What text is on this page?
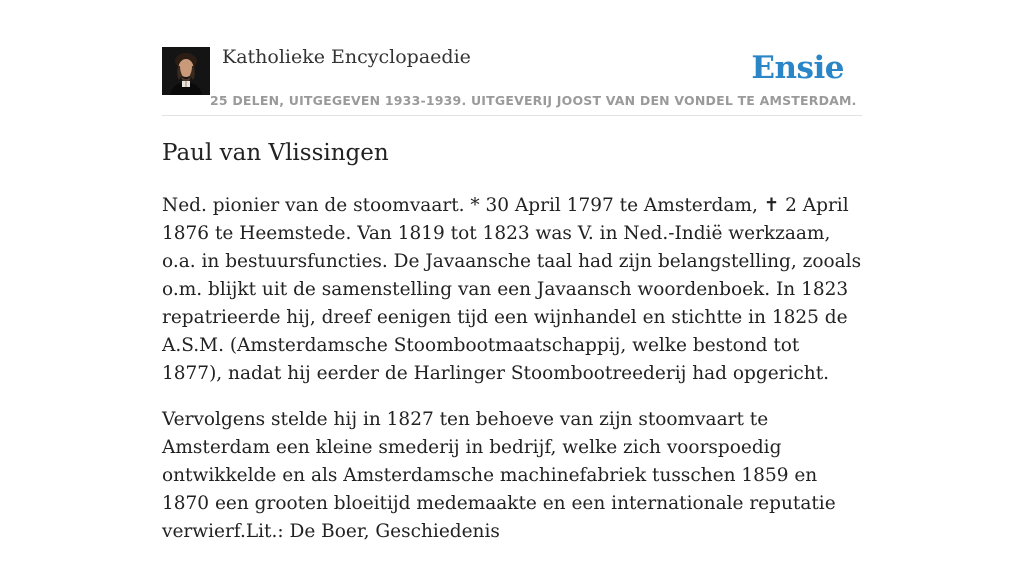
Katholieke Encyclopaedie	Ensie
25 DELEN, UITGEGEVEN 1933-1939. UITGEVERIJ JOOST VAN DEN VONDEL TE AMSTERDAM.
Paul van Vlissingen

Ned. pionier van de stoomvaart. * 30 April 1797 te Amsterdam, ✝ 2 April 1876 te Heemstede. Van 1819 tot 1823 was V. in Ned.-Indië werkzaam, o.a. in bestuursfuncties. De Javaansche taal had zijn belangstelling, zooals o.m. blijkt uit de samenstelling van een Javaansch woordenboek. In 1823 repatrieerde hij, dreef eenigen tijd een wijnhandel en stichtte in 1825 de A.S.M. (Amsterdamsche Stoombootmaatschappij, welke bestond tot 1877), nadat hij eerder de Harlinger Stoombootreederij had opgericht.

Vervolgens stelde hij in 1827 ten behoeve van zijn stoomvaart te Amsterdam een kleine smederij in bedrijf, welke zich voorspoedig ontwikkelde en als Amsterdamsche machinefabriek tusschen 1859 en 1870 een grooten bloeitijd medemaakte en een internationale reputatie verwierf.Lit.: De Boer, Geschiedenis
